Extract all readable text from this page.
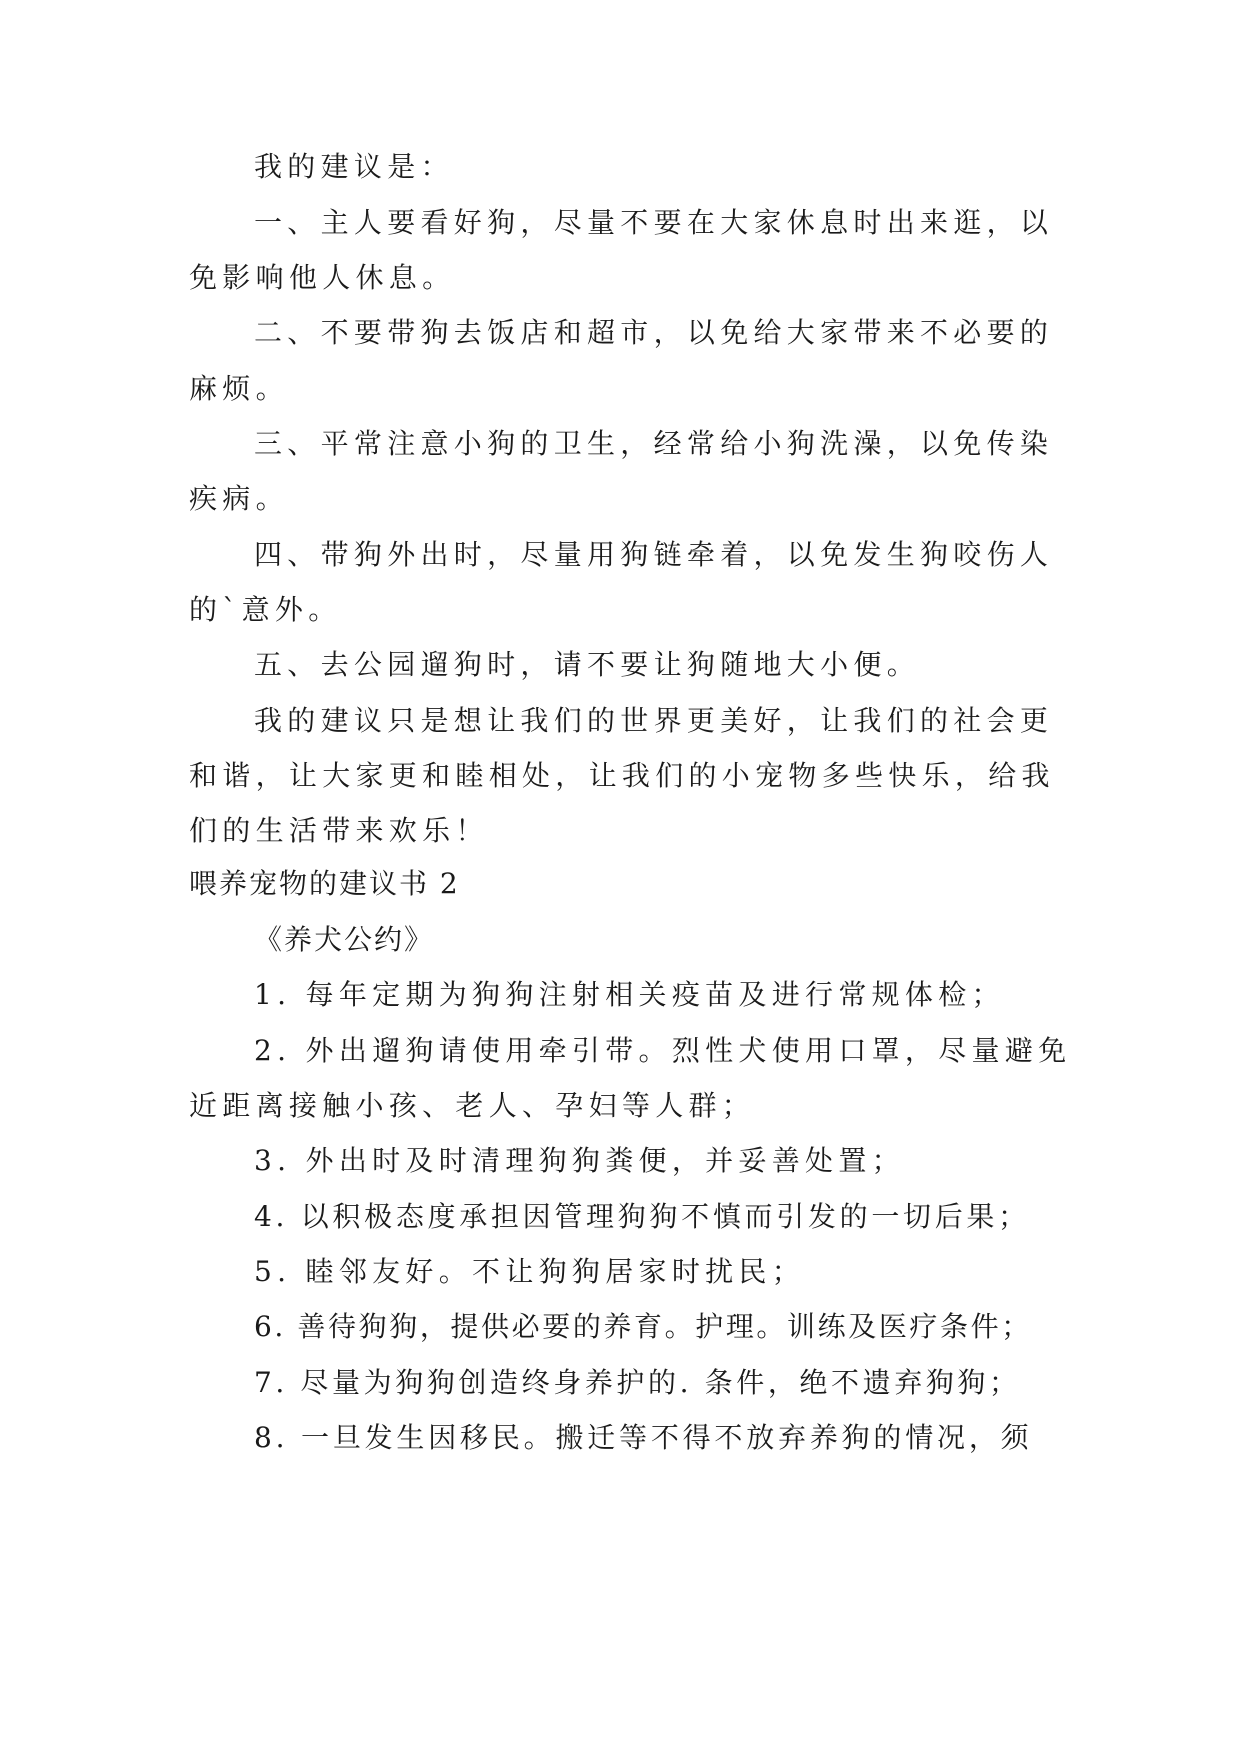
我的建议是：
一、主人要看好狗，尽量不要在大家休息时出来逛，以
免影响他人休息。
二、不要带狗去饭店和超市，以免给大家带来不必要的
麻烦。
三、平常注意小狗的卫生，经常给小狗洗澡，以免传染
疾病。
四、带狗外出时，尽量用狗链牵着，以免发生狗咬伤人
的`意外。
五、去公园遛狗时，请不要让狗随地大小便。
我的建议只是想让我们的世界更美好，让我们的社会更
和谐，让大家更和睦相处，让我们的小宠物多些快乐，给我
们的生活带来欢乐！
喂养宠物的建议书 2
《养犬公约》
1. 每年定期为狗狗注射相关疫苗及进行常规体检；
2. 外出遛狗请使用牵引带。烈性犬使用口罩，尽量避免
近距离接触小孩、老人、孕妇等人群；
3. 外出时及时清理狗狗粪便，并妥善处置；
4. 以积极态度承担因管理狗狗不慎而引发的一切后果；
5. 睦邻友好。不让狗狗居家时扰民；
6. 善待狗狗，提供必要的养育。护理。训练及医疗条件；
7. 尽量为狗狗创造终身养护的. 条件，绝不遗弃狗狗；
8. 一旦发生因移民。搬迁等不得不放弃养狗的情况，须
